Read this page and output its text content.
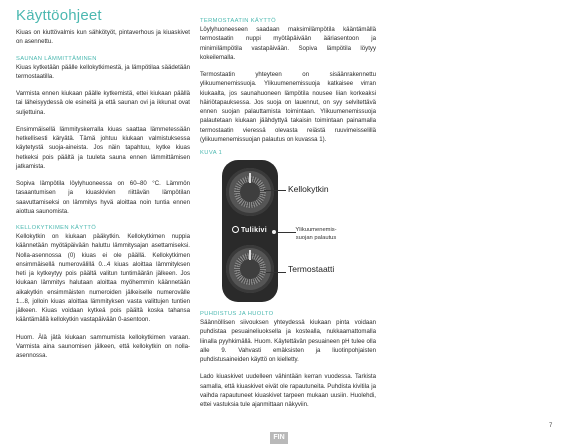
Käyttöohjeet

Kiuas on kiuttövalmis kun sähkötyöt, pintaverhous ja kiuaskivet on asennettu.

SAUNAN LÄMMITTÄMINEN

Kiuas kytketään päälle kellokytkimestä, ja lämpötilaa säädetään termostaatilla.

Varmista ennen kiukaan päälle kytkemistä, ettei kiukaan päällä tai läheisyydessä ole esineitä ja että saunan ovi ja ikkunat ovat suljettuina.

Ensimmäisellä lämmityskerralla kiuas saattaa lämmetessään hetkellisesti käryätä. Tämä johtuu kiukaan valmistuksessa käytetystä suoja-aineista. Jos näin tapahtuu, kytke kiuas hetkeksi pois päältä ja tuuleta sauna ennen lämmittämisen jatkamista.

Sopiva lämpötila löylyhuoneessa on 60–80 °C. Lämmön tasaantumisen ja kiuaskivien riittävän lämpötilan saavuttamiseksi on lämmitys hyvä aloittaa noin tuntia ennen aiottua saunomista.

KELLOKYTKIMEN KÄYTTÖ

Kellokytkin on kiukaan pääkytkin. Kellokytkimen nuppia käännetään myötäpäivään haluttu lämmitysajan asettamiseksi. Nolla-asennossa (0) kiuas ei ole päällä. Kellokytkimen ensimmäisellä numerovälillä 0...4 kiuas aloittaa lämmityksen heti ja kytkeytyy pois päältä valitun tuntimäärän jälkeen. Jos kiukaan lämmitys halutaan aloittaa myöhemmin käännetään aikakytkin ensimmäisten numeroiden jälkeiselle numerovälle 1...8, jolloin kiuas aloittaa lämmityksen vasta valittujen tuntien jälkeen. Kiuas voidaan kytkeä pois päältä koska tahansa kääntämällä kellokytkin vastapäivään 0-asentoon.

Huom. Älä jätä kiukaan sammumista kellokytkimen varaan. Varmista aina saunomisen jälkeen, että kellokytkin on nolla-asennossa.

TERMOSTAATIN KÄYTTÖ

Löylyhuoneeseen saadaan maksimilämpötila kääntämällä termostaatin nuppi myötäpäivään ääriasentoon ja minimilämpötila vastapäivään. Sopiva lämpötila löytyy kokeilemalla.

Termostaatin yhteyteen on sisäänrakennettu ylikuumenemissuoja. Ylikuumenemissuoja katkaisee virran kiukaalta, jos saunahuoneen lämpötila nousee liian korkeaksi häiriötapauksessa. Jos suoja on lauennut, on syy selvitettävä ennen suojan palauttamista toimintaan. Ylikuumenemissuoja palautetaan kiukaan jäähdyttyä takaisin toimintaan painamalla termostaatin vieressä olevasta reiästä ruuvimeisselillä (ylikuumenemissuojan palautus on kuvassa 1).

KUVA 1
Tulikivi
Kellokytkin
Ylikuumenemis-
suojan palautus
Termostaatti
PUHDISTUS JA HUOLTO

Säännöllisen siivouksen yhteydessä kiukaan pinta voidaan puhdistaa pesuaineliuoksella ja kostealla, nukkaamattomalla liinalla pyyhkimällä. Huom. Käytettävän pesuaineen pH tulee olla alle 9. Vahvasti emäksisten ja liuotinpohjaisten puhdistusaineiden käyttö on kielletty.

Lado kiuaskivet uudelleen vähintään kerran vuodessa. Tarkista samalla, että kiuaskivet eivät ole rapautuneita. Puhdista kivitila ja vaihda rapautuneet kiuaskivet tarpeen mukaan uusiin. Huolehdi, ettei vastuksia tule ajanmittaan näkyviin.

FIN
7
